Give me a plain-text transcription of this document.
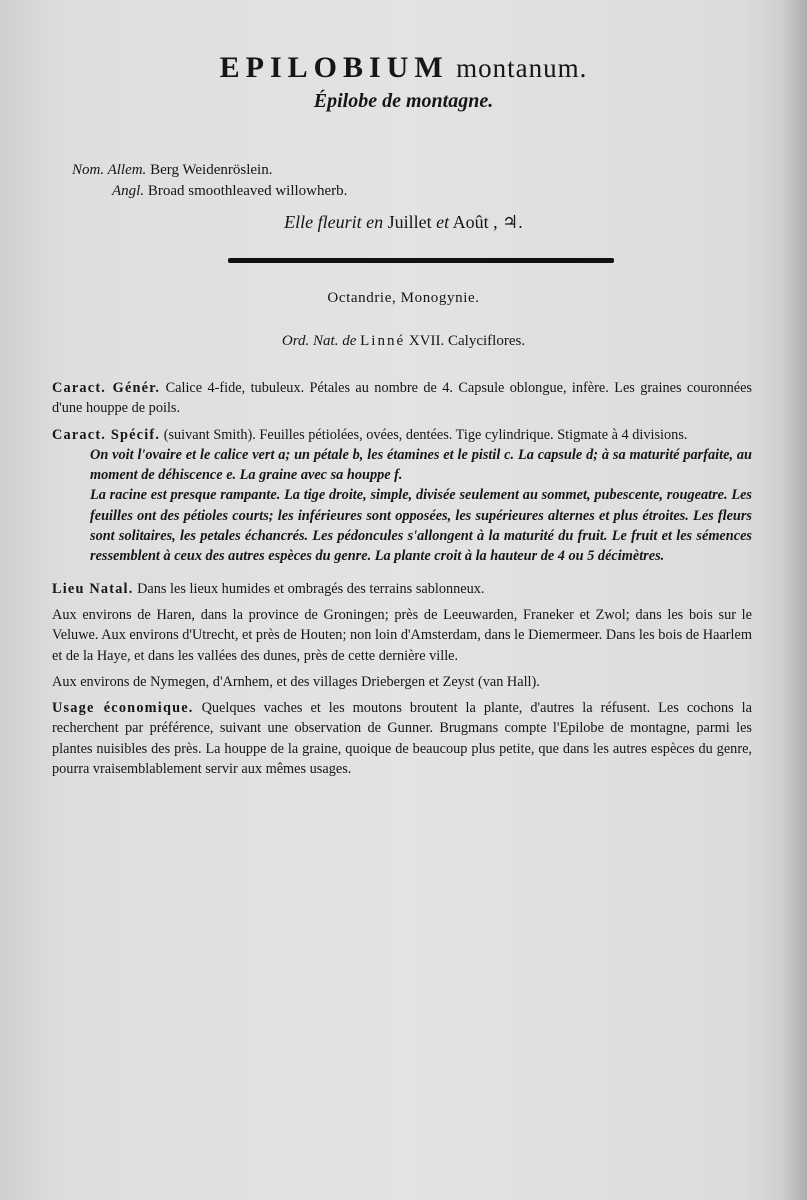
EPILOBIUM montanum.
Épilobe de montagne.
Nom. Allem. Berg Weidenröslein.
Angl. Broad smoothleaved willowherb.
Elle fleurit en Juillet et Août , ♃.
Octandrie, Monogynie.
Ord. Nat. de Linné XVII. Calyciflores.

Caract. Génér. Calice 4-fide, tubuleux. Pétales au nombre de 4. Capsule oblongue, infère. Les graines couronnées d'une houppe de poils.

Caract. Spécif. (suivant Smith). Feuilles pétiolées, ovées, dentées. Tige cylindrique. Stigmate à 4 divisions.

On voit l'ovaire et le calice vert a; un pétale b, les étamines et le pistil c. La capsule d; à sa maturité parfaite, au moment de déhiscence e. La graine avec sa houppe f.

La racine est presque rampante. La tige droite, simple, divisée seulement au sommet, pubescente, rougeatre. Les feuilles ont des pétioles courts; les inférieures sont opposées, les supérieures alternes et plus étroites. Les fleurs sont solitaires, les petales échancrés. Les pédoncules s'allongent à la maturité du fruit. Le fruit et les sémences ressemblent à ceux des autres espèces du genre. La plante croit à la hauteur de 4 ou 5 décimètres.

Lieu Natal. Dans les lieux humides et ombragés des terrains sablonneux.

Aux environs de Haren, dans la province de Groningen; près de Leeuwarden, Franeker et Zwol; dans les bois sur le Veluwe. Aux environs d'Utrecht, et près de Houten; non loin d'Amsterdam, dans le Diemermeer. Dans les bois de Haarlem et de la Haye, et dans les vallées des dunes, près de cette dernière ville.

Aux environs de Nymegen, d'Arnhem, et des villages Driebergen et Zeyst (van Hall).

Usage économique. Quelques vaches et les moutons broutent la plante, d'autres la réfusent. Les cochons la recherchent par préférence, suivant une observation de Gunner. Brugmans compte l'Epilobe de montagne, parmi les plantes nuisibles des près. La houppe de la graine, quoique de beaucoup plus petite, que dans les autres espèces du genre, pourra vraisemblablement servir aux mêmes usages.
